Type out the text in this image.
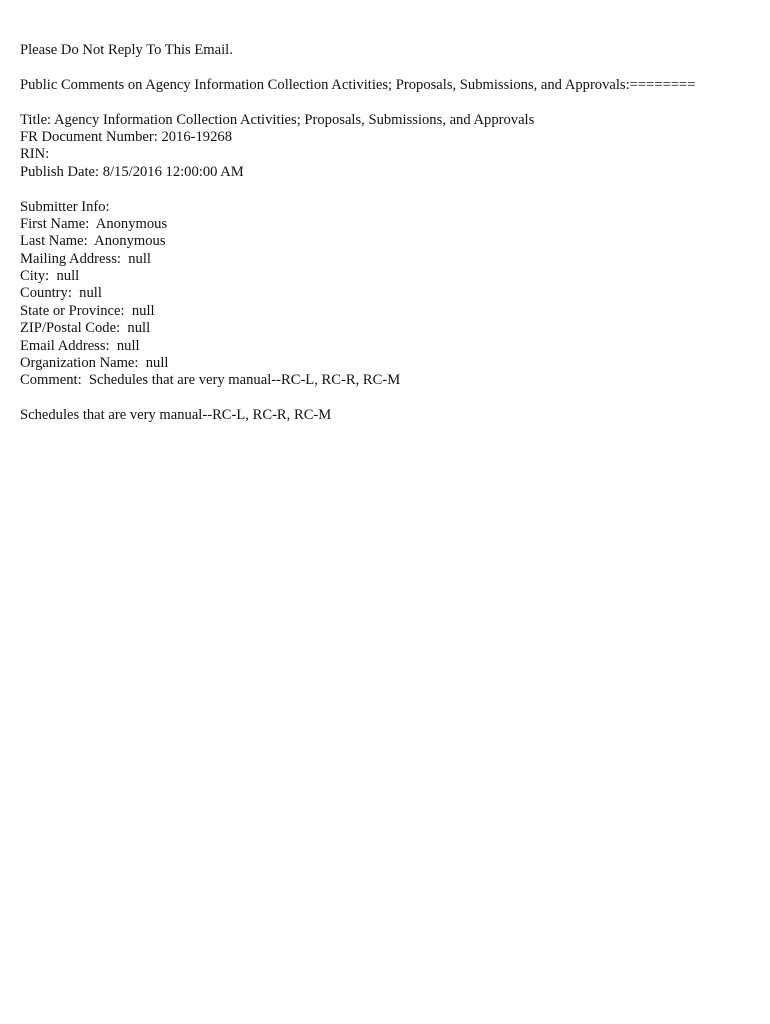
Please Do Not Reply To This Email.
Public Comments on Agency Information Collection Activities; Proposals, Submissions, and Approvals:========
Title: Agency Information Collection Activities; Proposals, Submissions, and Approvals
FR Document Number: 2016-19268
RIN:
Publish Date: 8/15/2016 12:00:00 AM
Submitter Info:
First Name:  Anonymous
Last Name:  Anonymous
Mailing Address:  null
City:  null
Country:  null
State or Province:  null
ZIP/Postal Code:  null
Email Address:  null
Organization Name:  null
Comment:  Schedules that are very manual--RC-L, RC-R, RC-M
Schedules that are very manual--RC-L, RC-R, RC-M
